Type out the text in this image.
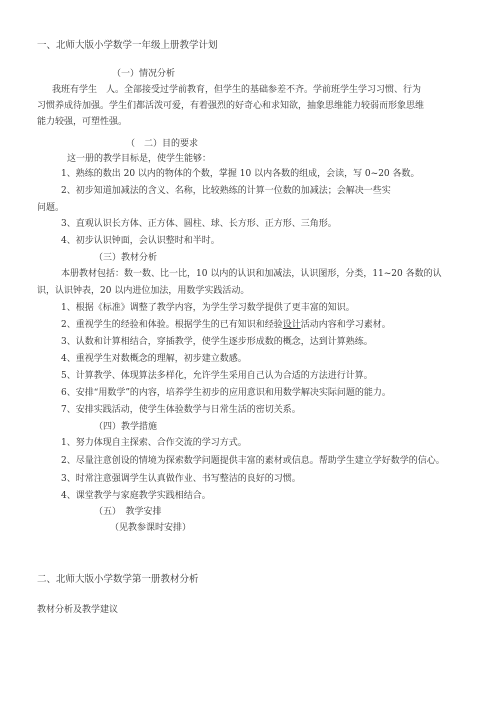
一、北师大版小学数学一年级上册教学计划
（一）情况分析
我班有学生　人。全部接受过学前教育，但学生的基础参差不齐。学前班学生学习习惯、行为
习惯养成待加强。学生们都活泼可爱，有着强烈的好奇心和求知欲，抽象思维能力较弱而形象思维
能力较强，可塑性强。
（　二）目的要求
这一册的教学目标是，使学生能够：
1、熟练的数出 20 以内的物体的个数，掌握 10 以内各数的组成，会读，写 0~20 各数。
2、初步知道加减法的含义、名称，比较熟练的计算一位数的加减法；会解决一些实
问题。
3、直观认识长方体、正方体、圆柱、球、长方形、正方形、三角形。
4、初步认识钟面，会认识整时和半时。
（三）教材分析
本册教材包括：数一数、比一比，10 以内的认识和加减法，认识图形，分类，11~20 各数的认
识，认识钟表，20 以内进位加法，用数学实践活动。
1、根据《标准》调整了教学内容，为学生学习数学提供了更丰富的知识。
2、重视学生的经验和体验。根据学生的已有知识和经验设计活动内容和学习素材。
3、认数和计算相结合，穿插教学，使学生逐步形成数的概念，达到计算熟练。
4、重视学生对数概念的理解，初步建立数感。
5、计算教学、体现算法多样化，允许学生采用自己认为合适的方法进行计算。
6、安排“用数学”的内容，培养学生初步的应用意识和用数学解决实际问题的能力。
7、安排实践活动，使学生体验数学与日常生活的密切关系。
（四）教学措施
1、努力体现自主探索、合作交流的学习方式。
2、尽量注意创设的情境为探索数学问题提供丰富的素材或信息。帮助学生建立学好数学的信心。
3、时常注意强调学生认真做作业、书写整洁的良好的习惯。
4、课堂教学与家庭教学实践相结合。
（五）　教学安排
（见教参课时安排）
二、北师大版小学数学第一册教材分析
教材分析及教学建议
